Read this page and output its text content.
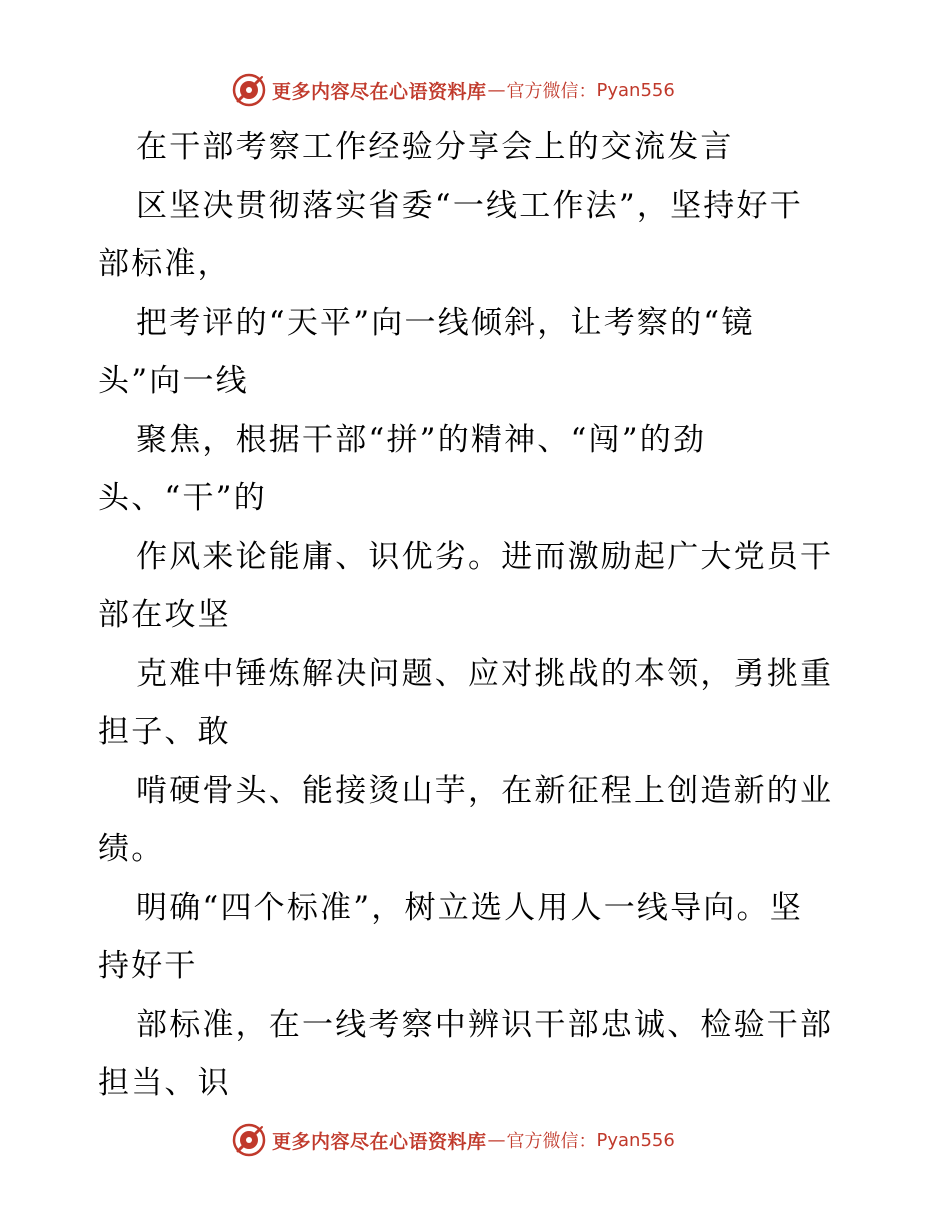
更多内容尽在心语资料库 — 官方微信： Pyan556
在干部考察工作经验分享会上的交流发言
区坚决贯彻落实省委“一线工作法”，坚持好干
部标准，
把考评的“天平”向一线倾斜，让考察的“镜
头”向一线
聚焦，根据干部“拼”的精神、“闯”的劲
头、“干”的
作风来论能庸、识优劣。进而激励起广大党员干
部在攻坚
克难中锤炼解决问题、应对挑战的本领，勇挑重
担子、敢
啃硬骨头、能接烫山芋，在新征程上创造新的业
绩。
明确“四个标准”，树立选人用人一线导向。坚
持好干
部标准，在一线考察中辨识干部忠诚、检验干部
担当、识
更多内容尽在心语资料库 — 官方微信： Pyan556
